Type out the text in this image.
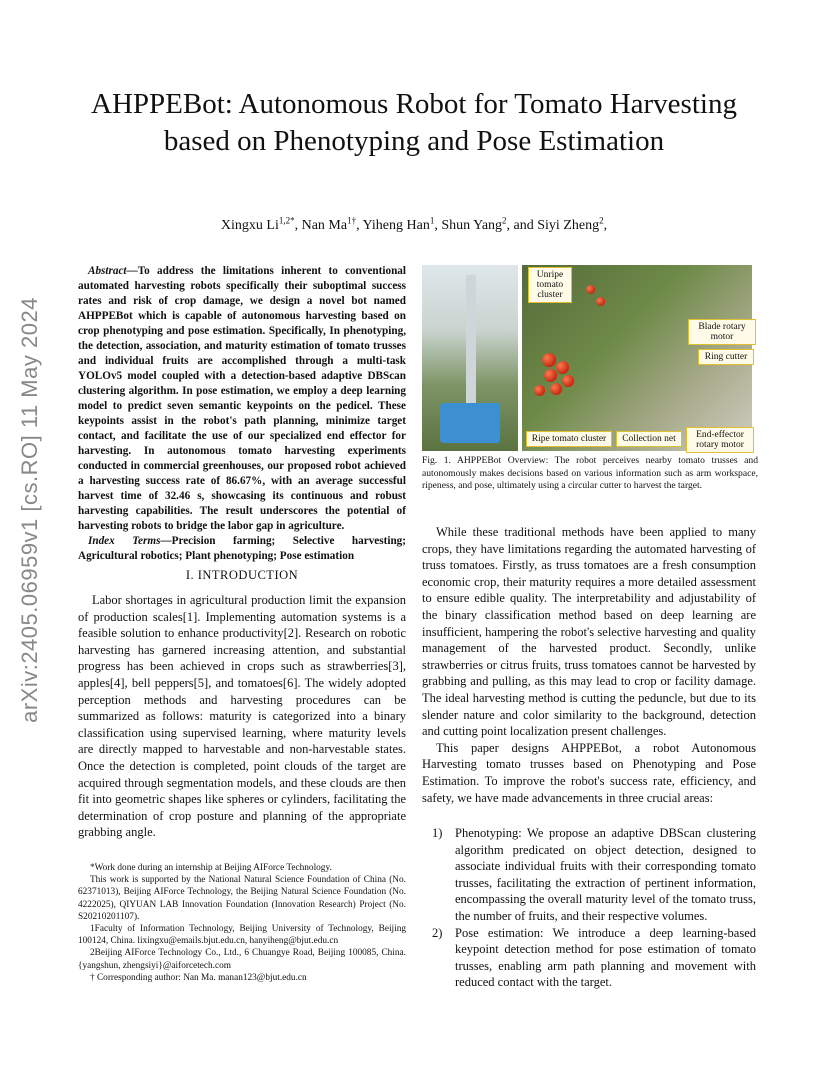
arXiv:2405.06959v1 [cs.RO] 11 May 2024
AHPPEBot: Autonomous Robot for Tomato Harvesting based on Phenotyping and Pose Estimation
Xingxu $Li^{1,2*}$, Nan $Ma^{1\dagger}$, Yiheng Han$^1$, Shun Yang$^2$, and Siyi Zheng$^2$,

Abstract—To address the limitations inherent to conventional automated harvesting robots specifically their suboptimal success rates and risk of crop damage, we design a novel bot named AHPPEBot which is capable of autonomous harvesting based on crop phenotyping and pose estimation. Specifically, In phenotyping, the detection, association, and maturity estimation of tomato trusses and individual fruits are accomplished through a multi-task YOLOv5 model coupled with a detection-based adaptive DBScan clustering algorithm. In pose estimation, we employ a deep learning model to predict seven semantic keypoints on the pedicel. These keypoints assist in the robot's path planning, minimize target contact, and facilitate the use of our specialized end effector for harvesting. In autonomous tomato harvesting experiments conducted in commercial greenhouses, our proposed robot achieved a harvesting success rate of 86.67%, with an average successful harvest time of 32.46 s, showcasing its continuous and robust harvesting capabilities. The result underscores the potential of harvesting robots to bridge the labor gap in agriculture.

Index Terms—Precision farming; Selective harvesting; Agricultural robotics; Plant phenotyping; Pose estimation

I. INTRODUCTION

Labor shortages in agricultural production limit the expansion of production scales[1]. Implementing automation systems is a feasible solution to enhance productivity[2]. Research on robotic harvesting has garnered increasing attention, and substantial progress has been achieved in crops such as strawberries[3], apples[4], bell peppers[5], and tomatoes[6]. The widely adopted perception methods and harvesting procedures can be summarized as follows: maturity is categorized into a binary classification using supervised learning, where maturity levels are directly mapped to harvestable and non-harvestable states. Once the detection is completed, point clouds of the target are acquired through segmentation models, and these clouds are then fit into geometric shapes like spheres or cylinders, facilitating the determination of crop posture and planning of the appropriate grabbing angle.

*Work done during an internship at Beijing AIForce Technology.

This work is supported by the National Natural Science Foundation of China (No. 62371013), Beijing AIForce Technology, the Beijing Natural Science Foundation (No. 4222025), QIYUAN LAB Innovation Foundation (Innovation Research) Project (No. S20210201107).

1Faculty of Information Technology, Beijing University of Technology, Beijing 100124, China. lixingxu@emails.bjut.edu.cn, hanyiheng@bjut.edu.cn

2Beijing AIForce Technology Co., Ltd., 6 Chuangye Road, Beijing 100085, China. {yangshun, zhengsiyi}@aiforcetech.com

† Corresponding author: Nan Ma. manan123@bjut.edu.cn

Unripe tomato cluster
Blade rotary motor
Ring cutter
Ripe tomato cluster	Collection net	End-effector rotary motor
Fig. 1. AHPPEBot Overview: The robot perceives nearby tomato trusses and autonomously makes decisions based on various information such as arm workspace, ripeness, and pose, ultimately using a circular cutter to harvest the target.

While these traditional methods have been applied to many crops, they have limitations regarding the automated harvesting of truss tomatoes. Firstly, as truss tomatoes are a fresh consumption economic crop, their maturity requires a more detailed assessment to ensure edible quality. The interpretability and adjustability of the binary classification method based on deep learning are insufficient, hampering the robot's selective harvesting and quality management of the harvested product. Secondly, unlike strawberries or citrus fruits, truss tomatoes cannot be harvested by grabbing and pulling, as this may lead to crop or facility damage. The ideal harvesting method is cutting the peduncle, but due to its slender nature and color similarity to the background, detection and cutting point localization present challenges.

This paper designs AHPPEBot, a robot Autonomous Harvesting tomato trusses based on Phenotyping and Pose Estimation. To improve the robot's success rate, efficiency, and safety, we have made advancements in three crucial areas:

1) Phenotyping: We propose an adaptive DBScan clustering algorithm predicated on object detection, designed to associate individual fruits with their corresponding tomato trusses, facilitating the extraction of pertinent information, encompassing the overall maturity level of the tomato truss, the number of fruits, and their respective volumes.

2) Pose estimation: We introduce a deep learning-based keypoint detection method for pose estimation of tomato trusses, enabling arm path planning and movement with reduced contact with the target.
